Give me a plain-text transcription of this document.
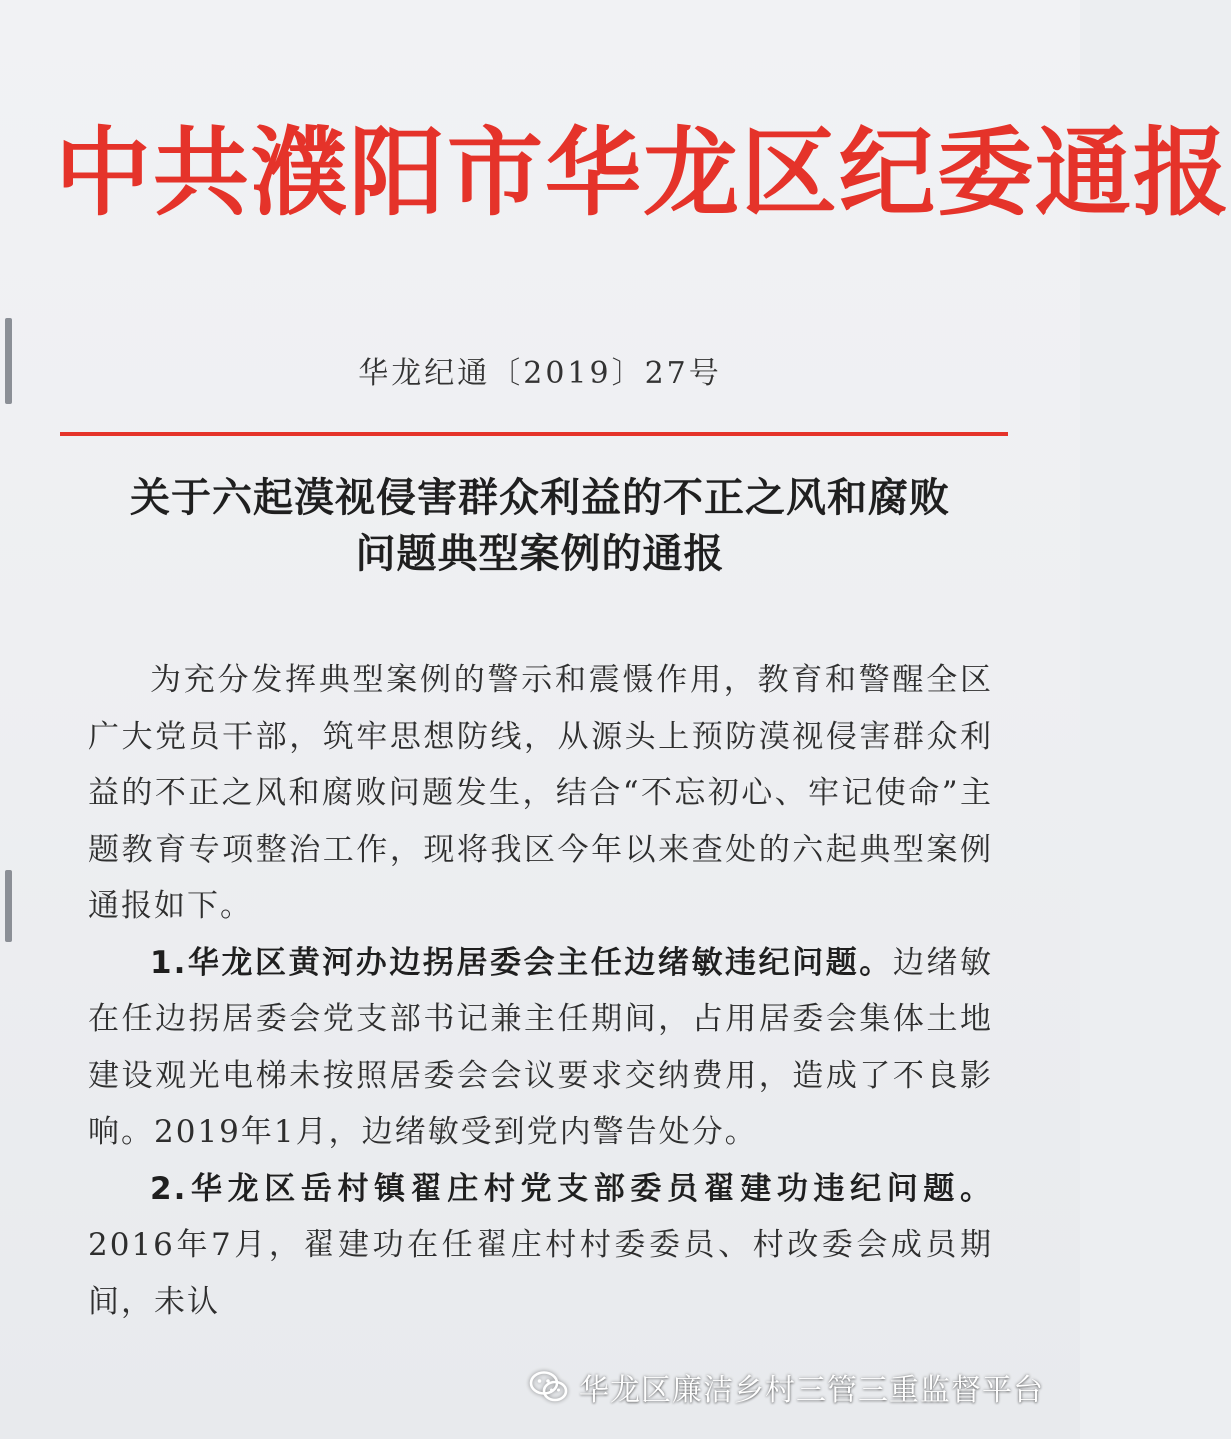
中共濮阳市华龙区纪委通报
华龙纪通〔2019〕27号
关于六起漠视侵害群众利益的不正之风和腐败
问题典型案例的通报

为充分发挥典型案例的警示和震慑作用，教育和警醒全区广大党员干部，筑牢思想防线，从源头上预防漠视侵害群众利益的不正之风和腐败问题发生，结合“不忘初心、牢记使命”主题教育专项整治工作，现将我区今年以来查处的六起典型案例通报如下。

1.华龙区黄河办边拐居委会主任边绪敏违纪问题。边绪敏在任边拐居委会党支部书记兼主任期间，占用居委会集体土地建设观光电梯未按照居委会会议要求交纳费用，造成了不良影响。2019年1月，边绪敏受到党内警告处分。

2.华龙区岳村镇翟庄村党支部委员翟建功违纪问题。2016年7月，翟建功在任翟庄村村委委员、村改委会成员期间，未认

华龙区廉洁乡村三管三重监督平台
